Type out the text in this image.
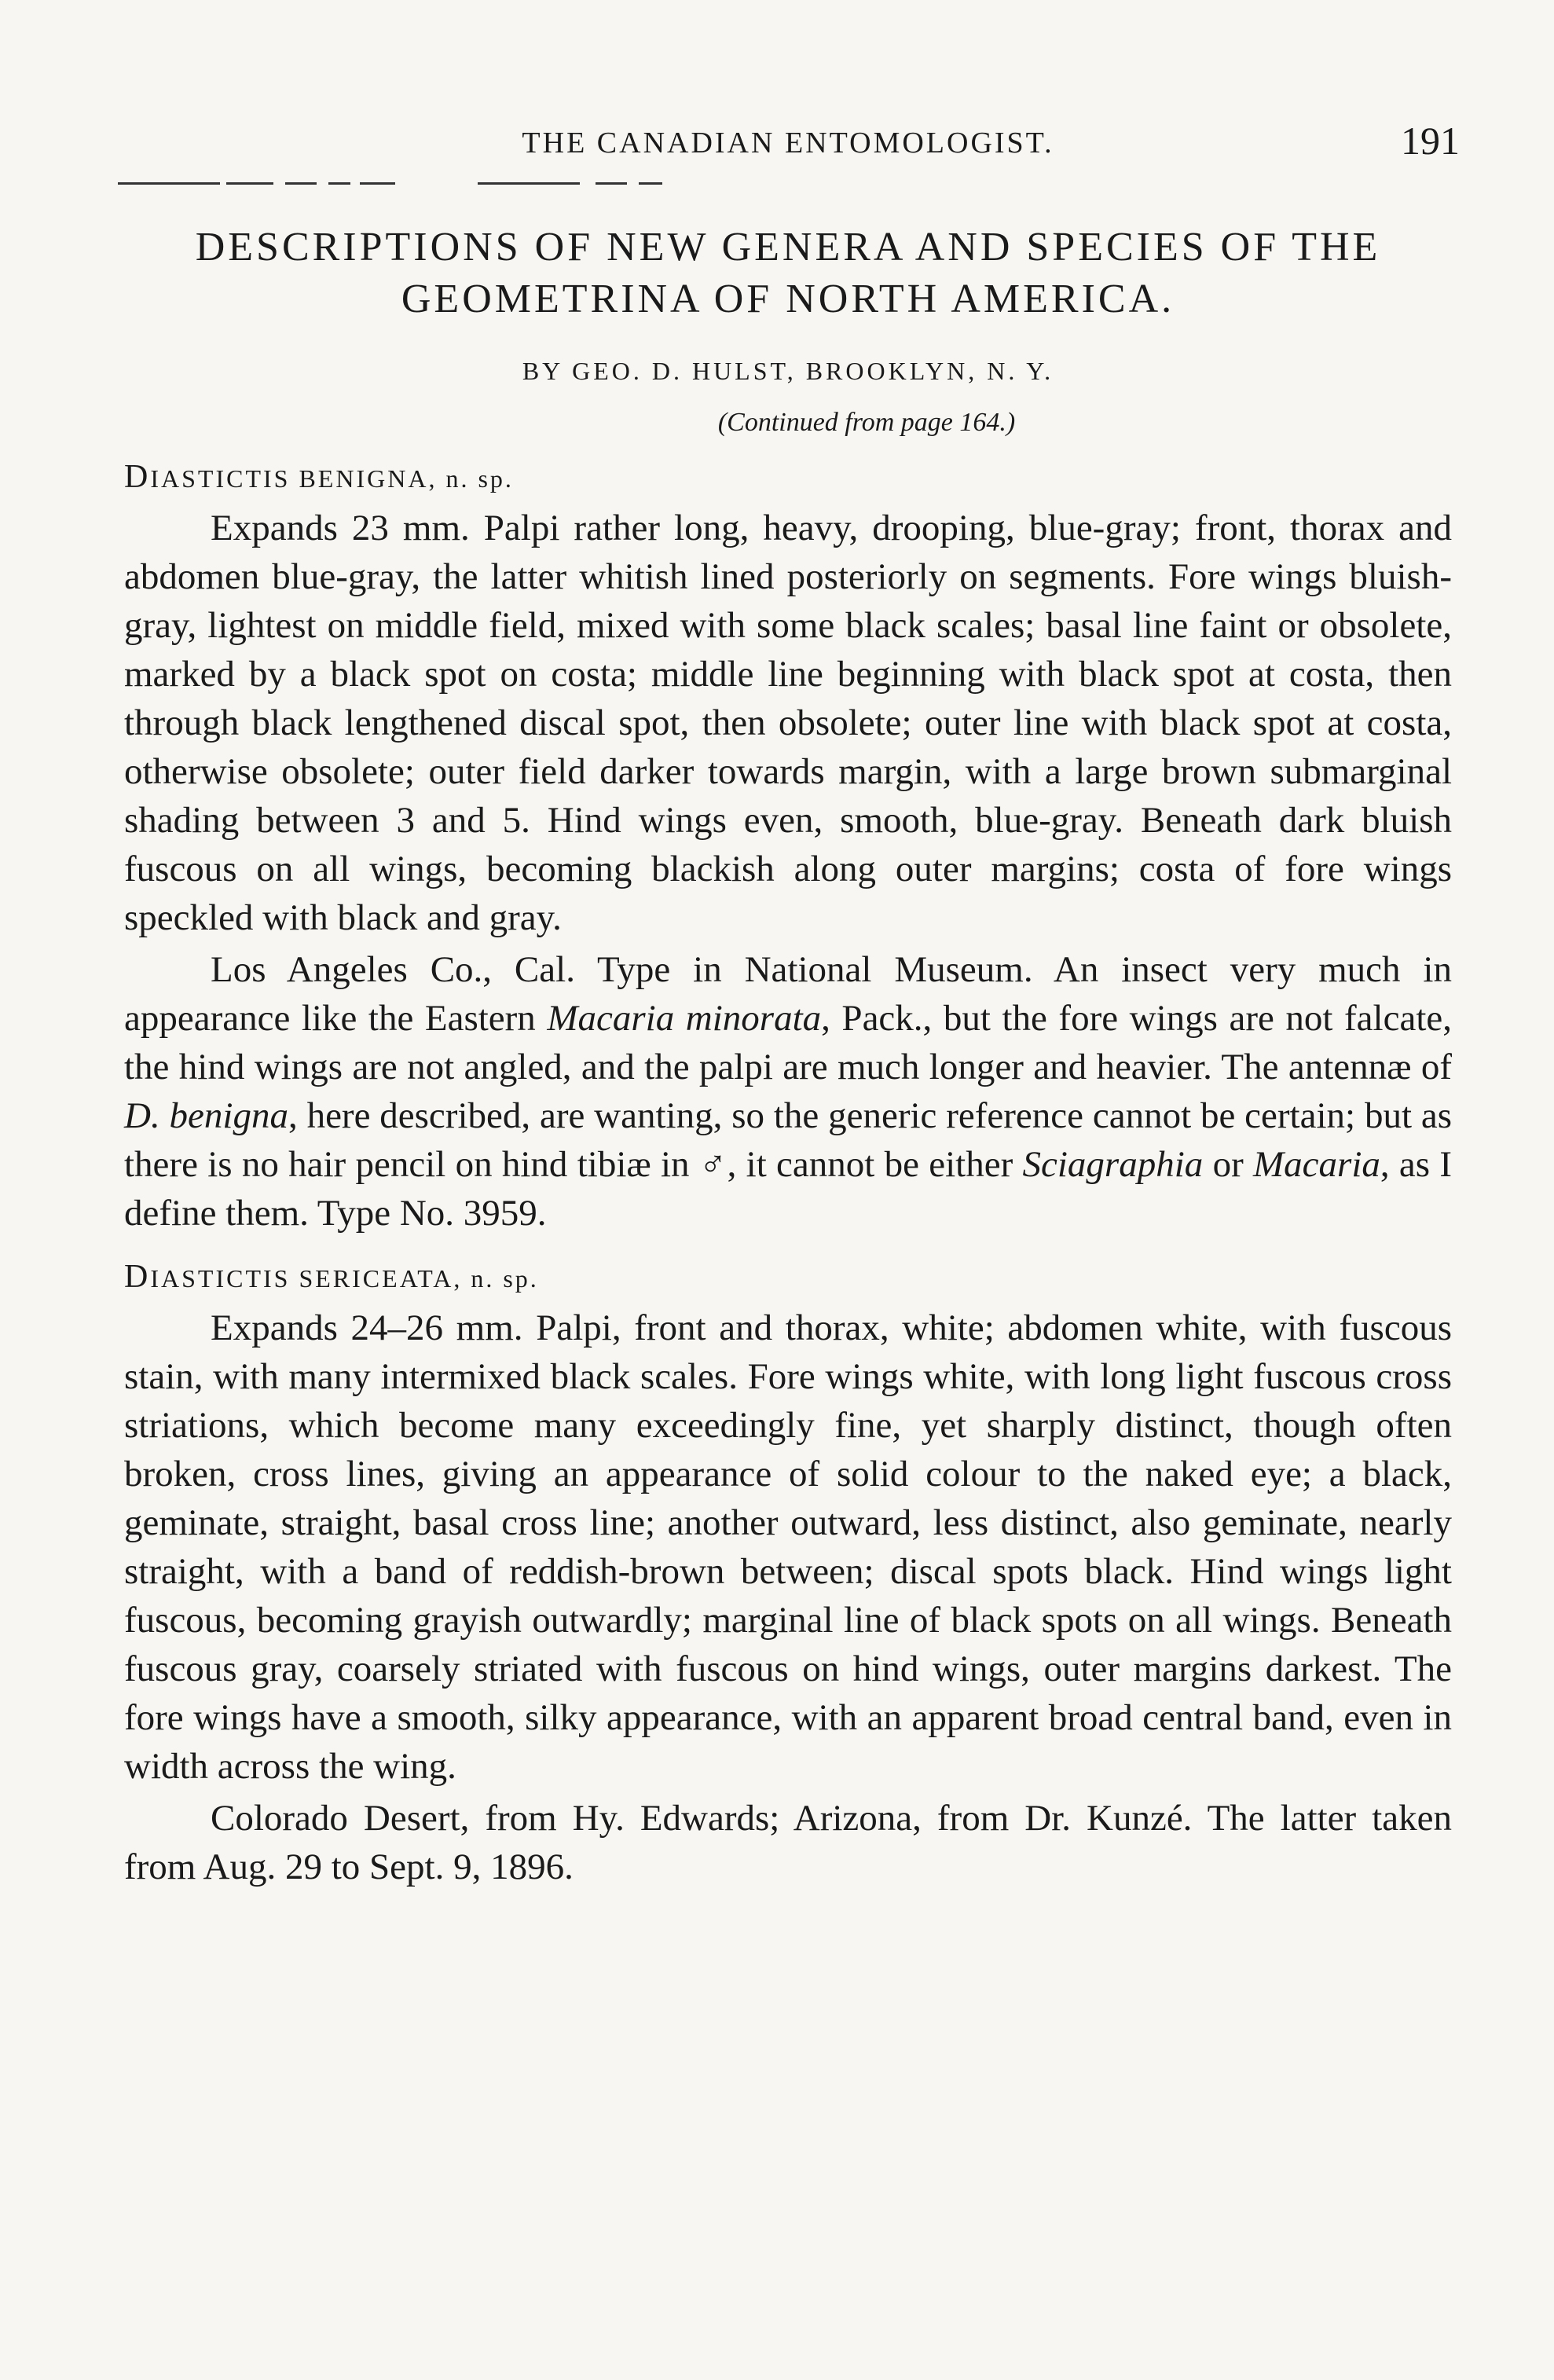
THE CANADIAN ENTOMOLOGIST.	191
DESCRIPTIONS OF NEW GENERA AND SPECIES OF THE
GEOMETRINA OF NORTH AMERICA.
BY GEO. D. HULST, BROOKLYN, N. Y.
(Continued from page 164.)
DIASTICTIS BENIGNA, n. sp.

Expands 23 mm. Palpi rather long, heavy, drooping, blue-gray; front, thorax and abdomen blue-gray, the latter whitish lined posteriorly on segments. Fore wings bluish-gray, lightest on middle field, mixed with some black scales; basal line faint or obsolete, marked by a black spot on costa; middle line beginning with black spot at costa, then through black lengthened discal spot, then obsolete; outer line with black spot at costa, otherwise obsolete; outer field darker towards margin, with a large brown submarginal shading between 3 and 5. Hind wings even, smooth, blue-gray. Beneath dark bluish fuscous on all wings, becoming blackish along outer margins; costa of fore wings speckled with black and gray.

Los Angeles Co., Cal. Type in National Museum. An insect very much in appearance like the Eastern Macaria minorata, Pack., but the fore wings are not falcate, the hind wings are not angled, and the palpi are much longer and heavier. The antennæ of D. benigna, here described, are wanting, so the generic reference cannot be certain; but as there is no hair pencil on hind tibiæ in ♂, it cannot be either Sciagraphia or Macaria, as I define them. Type No. 3959.

DIASTICTIS SERICEATA, n. sp.

Expands 24–26 mm. Palpi, front and thorax, white; abdomen white, with fuscous stain, with many intermixed black scales. Fore wings white, with long light fuscous cross striations, which become many exceedingly fine, yet sharply distinct, though often broken, cross lines, giving an appearance of solid colour to the naked eye; a black, geminate, straight, basal cross line; another outward, less distinct, also geminate, nearly straight, with a band of reddish-brown between; discal spots black. Hind wings light fuscous, becoming grayish outwardly; marginal line of black spots on all wings. Beneath fuscous gray, coarsely striated with fuscous on hind wings, outer margins darkest. The fore wings have a smooth, silky appearance, with an apparent broad central band, even in width across the wing.

Colorado Desert, from Hy. Edwards; Arizona, from Dr. Kunzé. The latter taken from Aug. 29 to Sept. 9, 1896.
